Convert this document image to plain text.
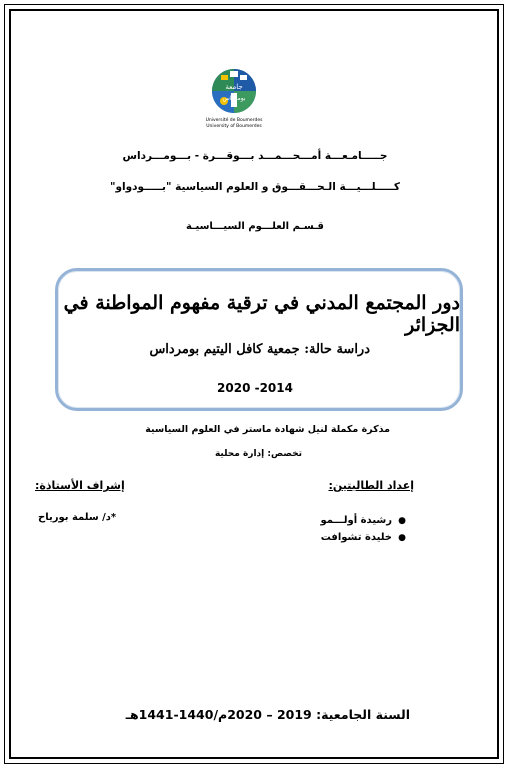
جامعة
بومرداس
Université de Boumerdes
University of Boumerdes
جـــــامـعـــة أمـــحـــمـــد بـــوقـــرة - بـــومـــرداس
كـــــلـــيـــة الـحـــقـــوق و العلوم السياسية "بـــــودواو"
قـسـم العلـــوم السيـــاسيـة
دور المجتمع المدني في ترقية مفهوم المواطنة في الجزائر
دراسة حالة: جمعية كافل اليتيم بومرداس
2020 -2014
مذكرة مكملة لنيل شهادة ماستر في العلوم السياسية
تخصص: إدارة محلية
إعداد الطالبتين:
إشراف الأستاذة:
●رشيدة أولـــمو
●خليدة تشوافت
*د/ سلمة بورياح
السنة الجامعية: 2019 – 2020م/1440-1441هـ
